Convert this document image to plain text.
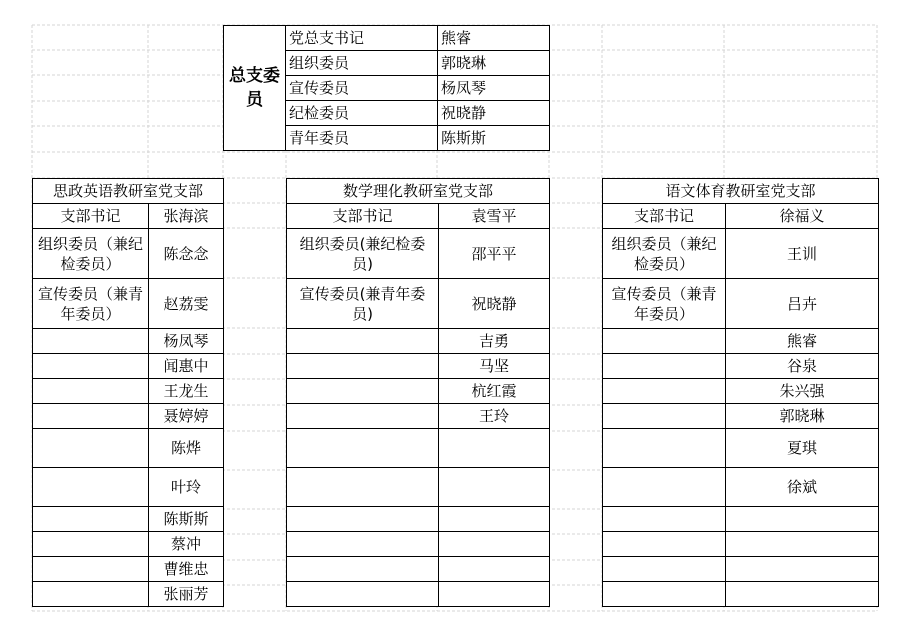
总支委员	党总支书记	熊睿
	组织委员	郭晓琳
	宣传委员	杨凤琴
	纪检委员	祝晓静
	青年委员	陈斯斯
思政英语教研室党支部	
支部书记	张海滨
组织委员（兼纪检委员）	陈念念
宣传委员（兼青年委员）	赵荔雯
	杨凤琴
	闻惠中
	王龙生
	聂婷婷
	陈烨
	叶玲
	陈斯斯
	蔡冲
	曹维忠
	张丽芳
数学理化教研室党支部	
支部书记	袁雪平
组织委员(兼纪检委员)	邵平平
宣传委员(兼青年委员)	祝晓静
	吉勇
	马坚
	杭红霞
	王玲

语文体育教研室党支部	
支部书记	徐福义
组织委员（兼纪检委员）	王训
宣传委员（兼青年委员）	吕卉
	熊睿
	谷泉
	朱兴强
	郭晓琳
	夏琪
	徐斌
